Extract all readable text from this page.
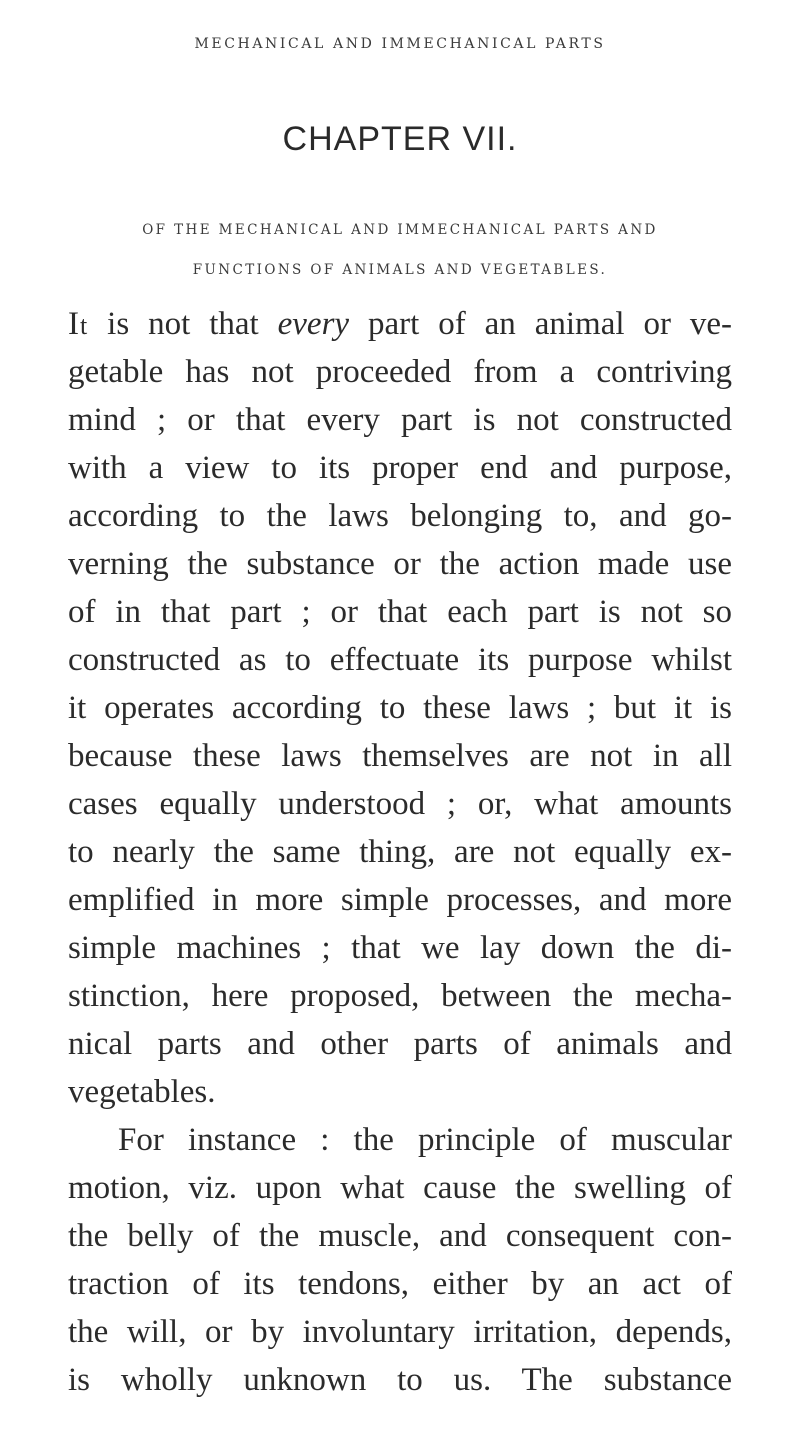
MECHANICAL AND IMMECHANICAL PARTS
CHAPTER VII.
OF THE MECHANICAL AND IMMECHANICAL PARTS AND
FUNCTIONS OF ANIMALS AND VEGETABLES.
It is not that every part of an animal or ve-
getable has not proceeded from a contriving
mind ; or that every part is not constructed
with a view to its proper end and purpose,
according to the laws belonging to, and go-
verning the substance or the action made use
of in that part ; or that each part is not so
constructed as to effectuate its purpose whilst
it operates according to these laws ; but it is
because these laws themselves are not in all
cases equally understood ; or, what amounts
to nearly the same thing, are not equally ex-
emplified in more simple processes, and more
simple machines ; that we lay down the di-
stinction, here proposed, between the mecha-
nical parts and other parts of animals and
vegetables.
For instance : the principle of muscular
motion, viz. upon what cause the swelling of
the belly of the muscle, and consequent con-
traction of its tendons, either by an act of
the will, or by involuntary irritation, depends,
is wholly unknown to us. The substance
